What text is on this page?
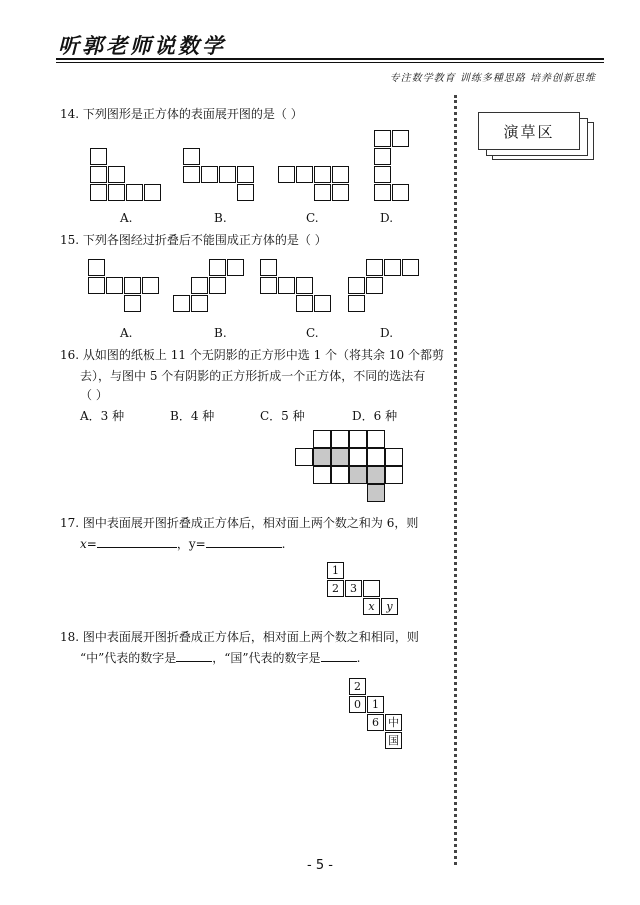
听郭老师说数学
专注数学教育 训练多種思路 培养创新思维
演草区
14. 下列图形是正方体的表面展开图的是（ ）
A.	B.	C.	D.
15. 下列各图经过折叠后不能围成正方体的是（ ）
A.	B.	C.	D.
16. 从如图的纸板上 11 个无阴影的正方形中选 1 个（将其余 10 个都剪
去），与图中 5 个有阴影的正方形折成一个正方体，不同的选法有
（ ）
A．3 种	B．4 种	C．5 种	D．6 种
17. 图中表面展开图折叠成正方体后，相对面上两个数之和为 6，则
x=	，y=	.
1
2	3
x	y
18. 图中表面展开图折叠成正方体后，相对面上两个数之和相同，则
“中”代表的数字是	，“国”代表的数字是	.
2
0	1
6 中
国
- 5 -
